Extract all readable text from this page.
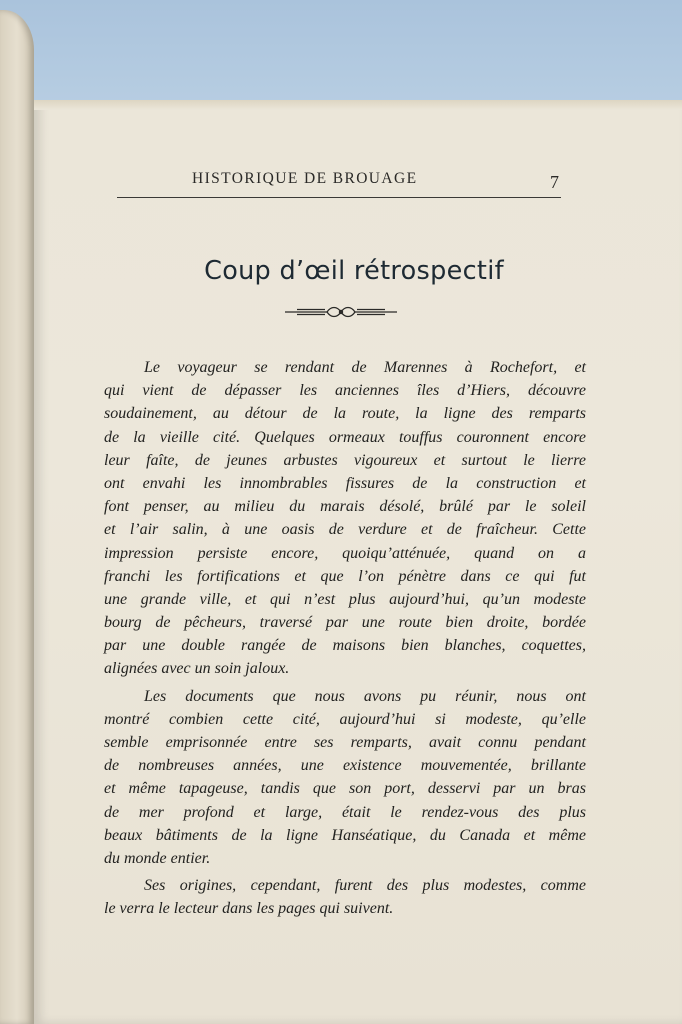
HISTORIQUE DE BROUAGE	7
Coup d’œil rétrospectif
Le voyageur se rendant de Marennes à Rochefort, et
qui vient de dépasser les anciennes îles d’Hiers, découvre
soudainement, au détour de la route, la ligne des remparts
de la vieille cité. Quelques ormeaux touffus couronnent encore
leur faîte, de jeunes arbustes vigoureux et surtout le lierre
ont envahi les innombrables fissures de la construction et
font penser, au milieu du marais désolé, brûlé par le soleil
et l’air salin, à une oasis de verdure et de fraîcheur. Cette
impression persiste encore, quoiqu’atténuée, quand on a
franchi les fortifications et que l’on pénètre dans ce qui fut
une grande ville, et qui n’est plus aujourd’hui, qu’un modeste
bourg de pêcheurs, traversé par une route bien droite, bordée
par une double rangée de maisons bien blanches, coquettes,
alignées avec un soin jaloux.
Les documents que nous avons pu réunir, nous ont
montré combien cette cité, aujourd’hui si modeste, qu’elle
semble emprisonnée entre ses remparts, avait connu pendant
de nombreuses années, une existence mouvementée, brillante
et même tapageuse, tandis que son port, desservi par un bras
de mer profond et large, était le rendez-vous des plus
beaux bâtiments de la ligne Hanséatique, du Canada et même
du monde entier.
Ses origines, cependant, furent des plus modestes, comme
le verra le lecteur dans les pages qui suivent.
